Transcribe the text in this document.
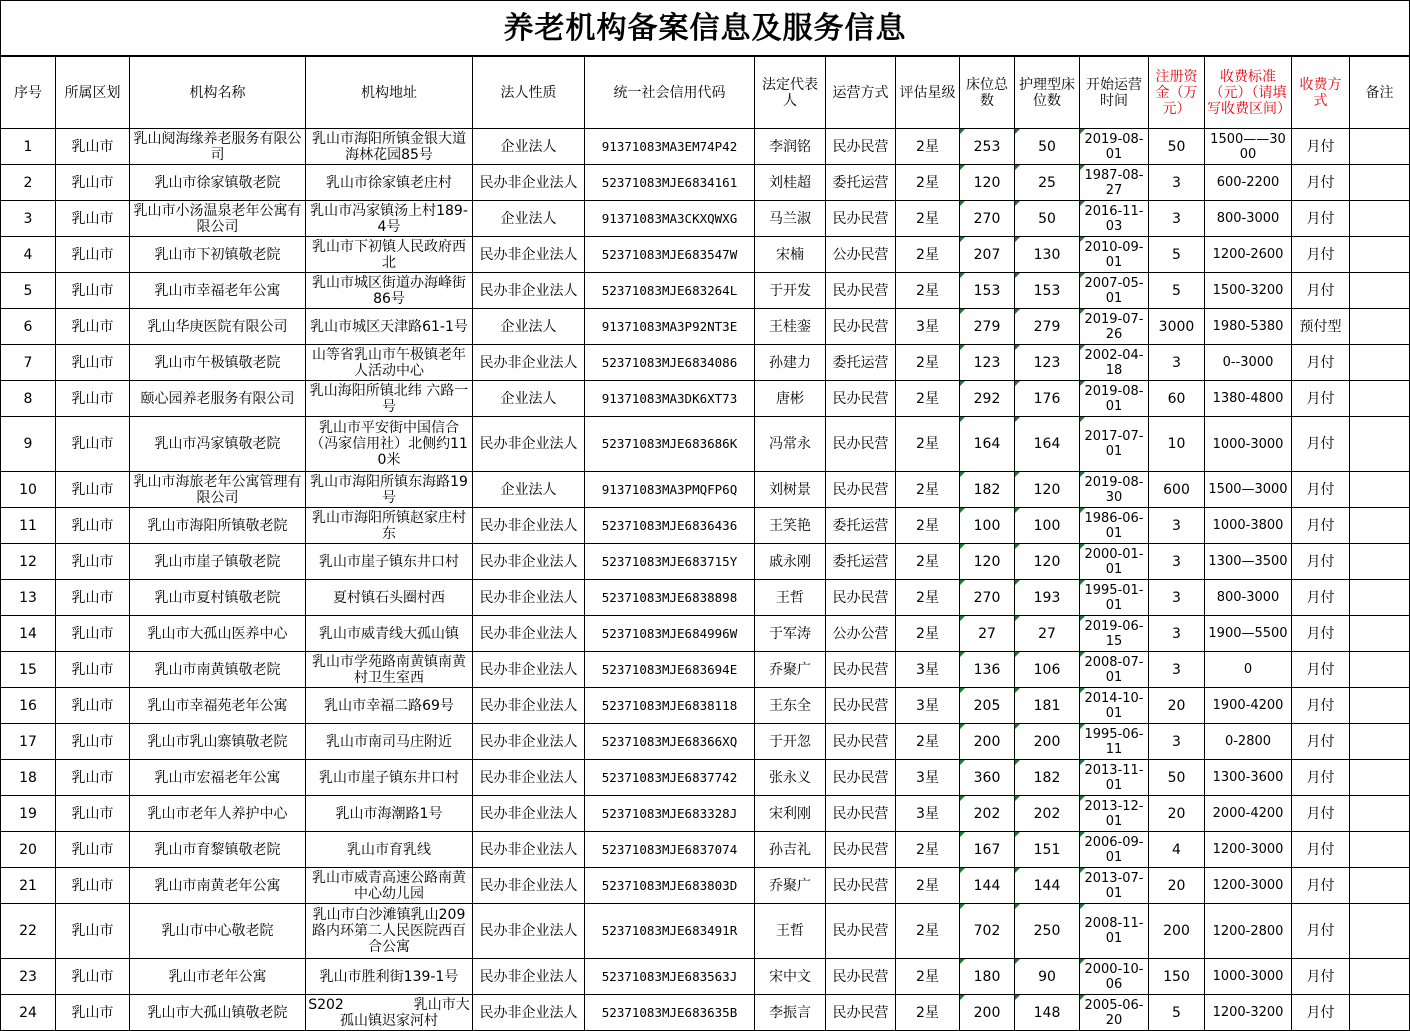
养老机构备案信息及服务信息
序号	所属区划	机构名称	机构地址	法人性质	统一社会信用代码	法定代表人	运营方式	评估星级	床位总数	护理型床位数	开始运营时间	注册资金（万元）	收费标准（元）（请填写收费区间）	收费方式	备注
1	乳山市	乳山阋海缘养老服务有限公司	乳山市海阳所镇金银大道海林花园85号	企业法人	91371083MA3EM74P42	李润铭	民办民营	2星	253	50	2019-08-01	50	1500——3000	月付	
2	乳山市	乳山市徐家镇敬老院	乳山市徐家镇老庄村	民办非企业法人	52371083MJE6834161	刘桂超	委托运营	2星	120	25	1987-08-27	3	600-2200	月付	
3	乳山市	乳山市小汤温泉老年公寓有限公司	乳山市冯家镇汤上村189-4号	企业法人	91371083MA3CKXQWXG	马兰淑	民办民营	2星	270	50	2016-11-03	3	800-3000	月付	
4	乳山市	乳山市下初镇敬老院	乳山市下初镇人民政府西北	民办非企业法人	52371083MJE683547W	宋楠	公办民营	2星	207	130	2010-09-01	5	1200-2600	月付	
5	乳山市	乳山市幸福老年公寓	乳山市城区街道办海峰街86号	民办非企业法人	52371083MJE683264L	于开发	民办民营	2星	153	153	2007-05-01	5	1500-3200	月付	
6	乳山市	乳山华庚医院有限公司	乳山市城区天津路61-1号	企业法人	91371083MA3P92NT3E	王桂銮	民办民营	3星	279	279	2019-07-26	3000	1980-5380	预付型	
7	乳山市	乳山市午极镇敬老院	山等省乳山市午极镇老年人活动中心	民办非企业法人	52371083MJE6834086	孙建力	委托运营	2星	123	123	2002-04-18	3	0--3000	月付	
8	乳山市	颐心园养老服务有限公司	乳山海阳所镇北纬 六路一号	企业法人	91371083MA3DK6XT73	唐彬	民办民营	2星	292	176	2019-08-01	60	1380-4800	月付	
9	乳山市	乳山市冯家镇敬老院	乳山市平安街中国信合（冯家信用社）北侧约110米	民办非企业法人	52371083MJE683686K	冯常永	民办民营	2星	164	164	2017-07-01	10	1000-3000	月付	
10	乳山市	乳山市海旅老年公寓管理有限公司	乳山市海阳所镇东海路19号	企业法人	91371083MA3PMQFP6Q	刘树景	民办民营	2星	182	120	2019-08-30	600	1500—3000	月付	
11	乳山市	乳山市海阳所镇敬老院	乳山市海阳所镇赵家庄村东	民办非企业法人	52371083MJE6836436	王笑艳	委托运营	2星	100	100	1986-06-01	3	1000-3800	月付	
12	乳山市	乳山市崖子镇敬老院	乳山市崖子镇东井口村	民办非企业法人	52371083MJE683715Y	戚永刚	委托运营	2星	120	120	2000-01-01	3	1300—3500	月付	
13	乳山市	乳山市夏村镇敬老院	夏村镇石头圈村西	民办非企业法人	52371083MJE6838898	王哲	民办民营	2星	270	193	1995-01-01	3	800-3000	月付	
14	乳山市	乳山市大孤山医养中心	乳山市威青线大孤山镇	民办非企业法人	52371083MJE684996W	于军涛	公办公营	2星	27	27	2019-06-15	3	1900—5500	月付	
15	乳山市	乳山市南黄镇敬老院	乳山市学苑路南黄镇南黄村卫生室西	民办非企业法人	52371083MJE683694E	乔聚广	民办民营	3星	136	106	2008-07-01	3	0	月付	
16	乳山市	乳山市幸福苑老年公寓	乳山市幸福二路69号	民办非企业法人	52371083MJE6838118	王东全	民办民营	3星	205	181	2014-10-01	20	1900-4200	月付	
17	乳山市	乳山市乳山寨镇敬老院	乳山市南司马庄附近	民办非企业法人	52371083MJE68366XQ	于开忽	民办民营	2星	200	200	1995-06-11	3	0-2800	月付	
18	乳山市	乳山市宏福老年公寓	乳山市崖子镇东井口村	民办非企业法人	52371083MJE6837742	张永义	民办民营	3星	360	182	2013-11-01	50	1300-3600	月付	
19	乳山市	乳山市老年人养护中心	乳山市海潮路1号	民办非企业法人	52371083MJE683328J	宋利刚	民办民营	3星	202	202	2013-12-01	20	2000-4200	月付	
20	乳山市	乳山市育黎镇敬老院	乳山市育乳线	民办非企业法人	52371083MJE6837074	孙吉礼	民办民营	2星	167	151	2006-09-01	4	1200-3000	月付	
21	乳山市	乳山市南黄老年公寓	乳山市威青高速公路南黄中心幼儿园	民办非企业法人	52371083MJE683803D	乔聚广	民办民营	2星	144	144	2013-07-01	20	1200-3000	月付	
22	乳山市	乳山市中心敬老院	乳山市白沙滩镇乳山209路内环第二人民医院西百合公寓	民办非企业法人	52371083MJE683491R	王哲	民办民营	2星	702	250	2008-11-01	200	1200-2800	月付	
23	乳山市	乳山市老年公寓	乳山市胜利街139-1号	民办非企业法人	52371083MJE683563J	宋中文	民办民营	2星	180	90	2000-10-06	150	1000-3000	月付	
24	乳山市	乳山市大孤山镇敬老院	S202　　　　　乳山市大孤山镇迟家河村	民办非企业法人	52371083MJE683635B	李振言	民办民营	2星	200	148	2005-06-20	5	1200-3200	月付	
